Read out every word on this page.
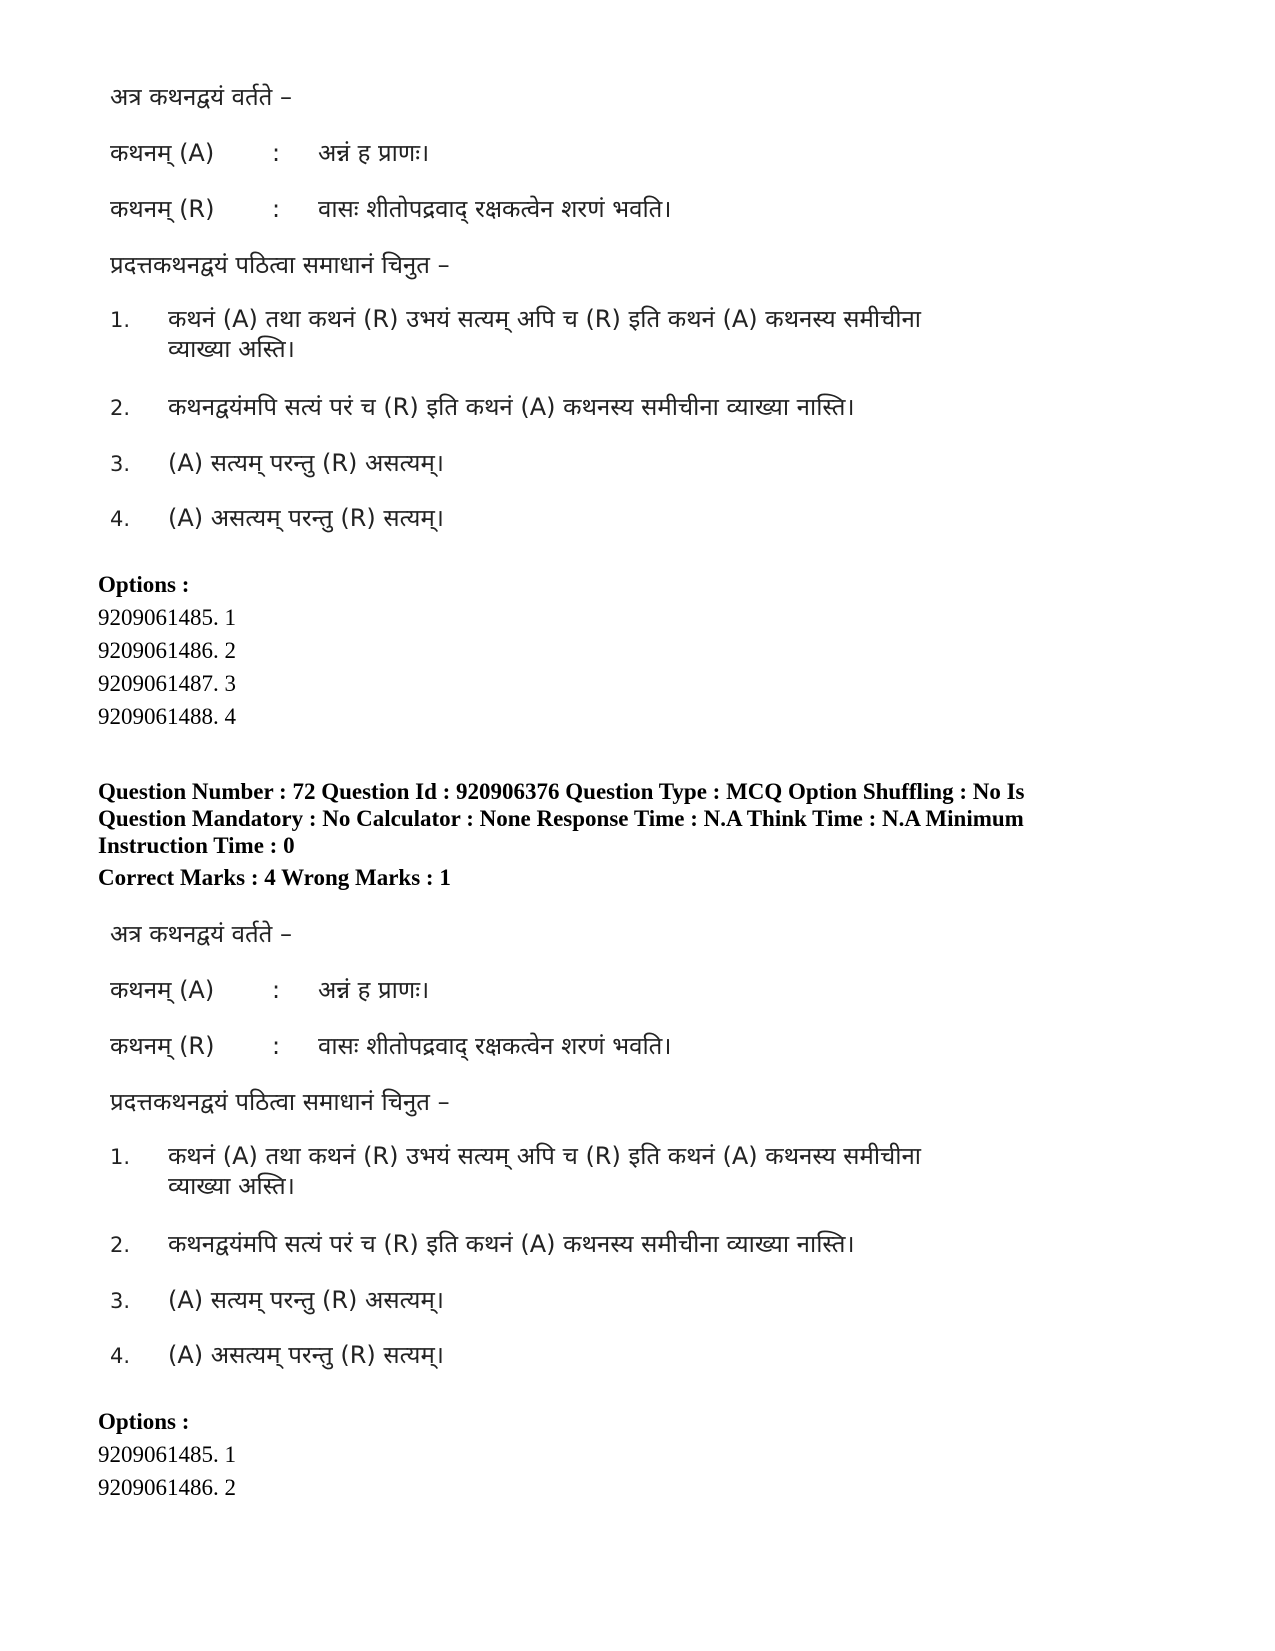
अत्र कथनद्वयं वर्तते –
कथनम् (A) : अन्नं ह प्राणः।
कथनम् (R) : वासः शीतोपद्रवाद् रक्षकत्वेन शरणं भवति।
प्रदत्तकथनद्वयं पठित्वा समाधानं चिनुत –
1. कथनं (A) तथा कथनं (R) उभयं सत्यम् अपि च (R) इति कथनं (A) कथनस्य समीचीना व्याख्या अस्ति।
2. कथनद्वयंमपि सत्यं परं च (R) इति कथनं (A) कथनस्य समीचीना व्याख्या नास्ति।
3. (A) सत्यम् परन्तु (R) असत्यम्।
4. (A) असत्यम् परन्तु (R) सत्यम्।
Options :
9209061485. 1
9209061486. 2
9209061487. 3
9209061488. 4
Question Number : 72 Question Id : 920906376 Question Type : MCQ Option Shuffling : No Is Question Mandatory : No Calculator : None Response Time : N.A Think Time : N.A Minimum Instruction Time : 0
Correct Marks : 4 Wrong Marks : 1
अत्र कथनद्वयं वर्तते –
कथनम् (A) : अन्नं ह प्राणः।
कथनम् (R) : वासः शीतोपद्रवाद् रक्षकत्वेन शरणं भवति।
प्रदत्तकथनद्वयं पठित्वा समाधानं चिनुत –
1. कथनं (A) तथा कथनं (R) उभयं सत्यम् अपि च (R) इति कथनं (A) कथनस्य समीचीना व्याख्या अस्ति।
2. कथनद्वयंमपि सत्यं परं च (R) इति कथनं (A) कथनस्य समीचीना व्याख्या नास्ति।
3. (A) सत्यम् परन्तु (R) असत्यम्।
4. (A) असत्यम् परन्तु (R) सत्यम्।
Options :
9209061485. 1
9209061486. 2
